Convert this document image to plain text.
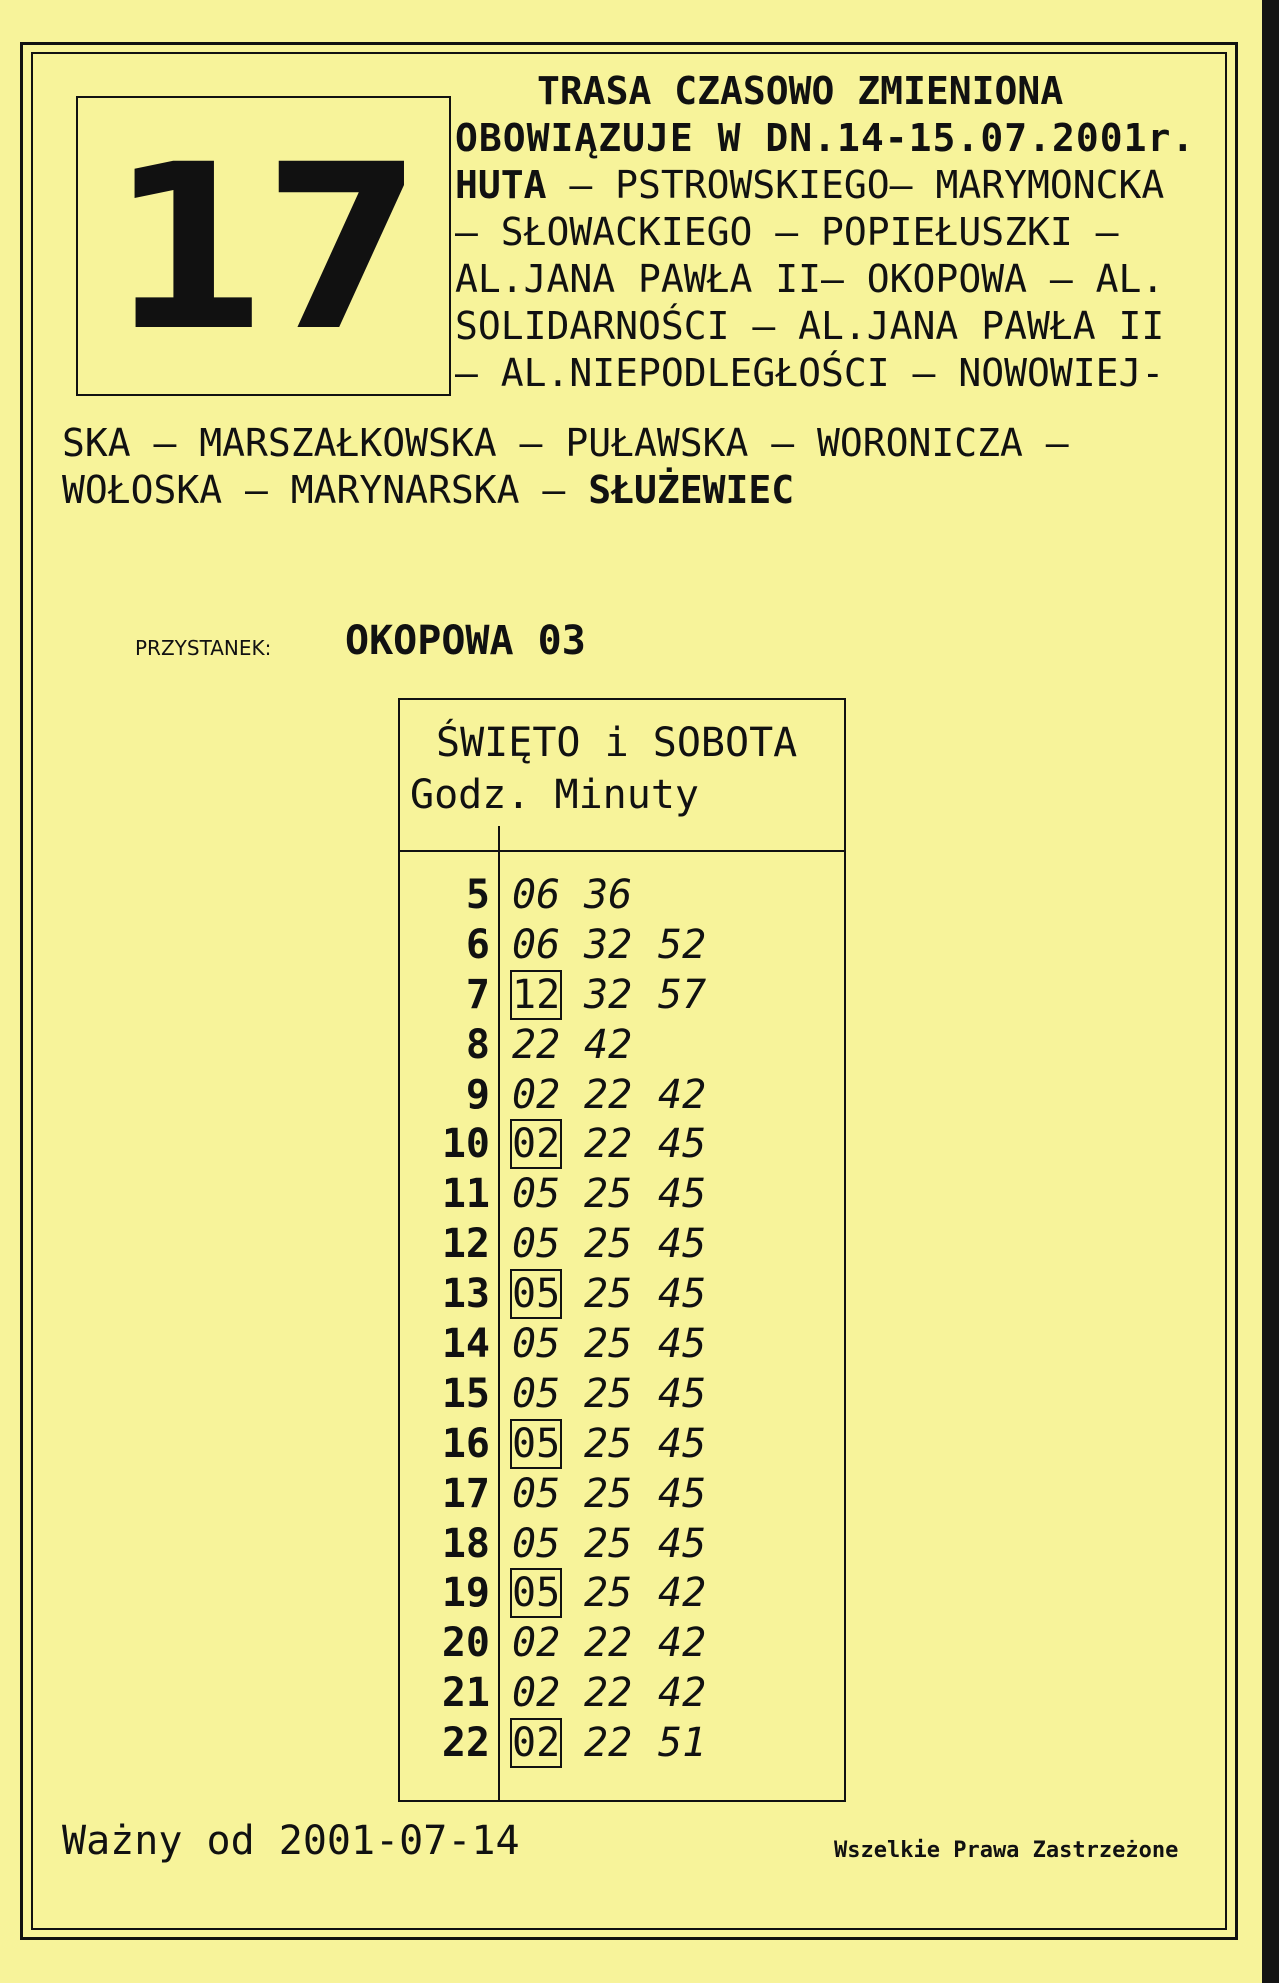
17
TRASA CZASOWO ZMIENIONA
OBOWIĄZUJE W DN.14-15.07.2001r.
HUTA – PSTROWSKIEGO– MARYMONCKA
– SŁOWACKIEGO – POPIEŁUSZKI –
AL.JANA PAWŁA II– OKOPOWA – AL.
SOLIDARNOŚCI – AL.JANA PAWŁA II
– AL.NIEPODLEGŁOŚCI – NOWOWIEJ-
SKA – MARSZAŁKOWSKA – PUŁAWSKA – WORONICZA –
WOŁOSKA – MARYNARSKA – SŁUŻEWIEC
PRZYSTANEK: OKOPOWA 03
ŚWIĘTO i SOBOTA
Godz. Minuty
5 06 36
6 06 32 52
7 12 32 57
8 22 42
9 02 22 42
10 02 22 45
11 05 25 45
12 05 25 45
13 05 25 45
14 05 25 45
15 05 25 45
16 05 25 45
17 05 25 45
18 05 25 45
19 05 25 42
20 02 22 42
21 02 22 42
22 02 22 51
Ważny od 2001-07-14	Wszelkie Prawa Zastrzeżone
